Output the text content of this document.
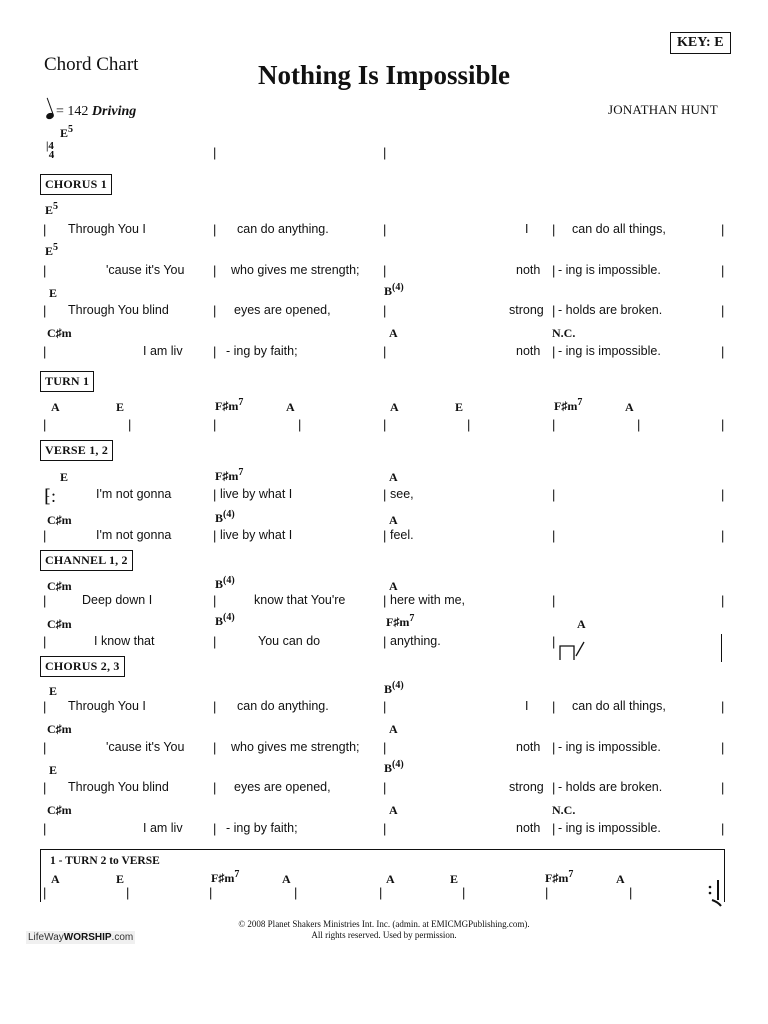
Chord Chart	Nothing Is Impossible
KEY: E
JONATHAN HUNT
= 142 Driving
$E^5$
|4
4	|	|
CHORUS 1
$E^5$
| Through You I	| can do anything.	|	I | can do all things,	|
$E^5$
|	'cause it's You | who gives me strength; |	noth | - ing is impossible.	|
E	$B^{(4)}$
| Through You blind	| eyes are opened,	|	strong | - holds are broken.	|
C♯m	A	N.C.
|	I am liv | - ing by faith;	|	noth | - ing is impossible.	|
TURN 1
A	E	$F♯m^7$	A	A	E	$F♯m^7$	A
|	|	|	|	|	|	|	|	|
VERSE 1, 2
E	$F♯m^7$	A
⁅:	I'm not gonna	| live by what I	| see,	|	|
C♯m	$B^{(4)}$	A
|	I'm not gonna	| live by what I	| feel.	|	|
CHANNEL 1, 2
C♯m	$B^{(4)}$	A
|	Deep down I	|	know that You're	| here with me,	|	|
C♯m	$B^{(4)}$	$F♯m^7$	A
|	I know that	|	You can do	| anything.	|
CHORUS 2, 3
E	$B^{(4)}$
| Through You I	| can do anything.	|	I | can do all things,	|
C♯m	A
|	'cause it's You | who gives me strength; |	noth | - ing is impossible.	|
E	$B^{(4)}$
| Through You blind	| eyes are opened,	|	strong | - holds are broken.	|
C♯m	A	N.C.
|	I am liv | - ing by faith;	|	noth | - ing is impossible.	|
1 - TURN 2 to VERSE
A	E	$F♯m^7$	A	A	E	$F♯m^7$	A
|	|	|	|	|	|	|	|
© 2008 Planet Shakers Ministries Int. Inc. (admin. at EMICMGPublishing.com).
All rights reserved. Used by permission.
LifeWayWORSHIP.com
